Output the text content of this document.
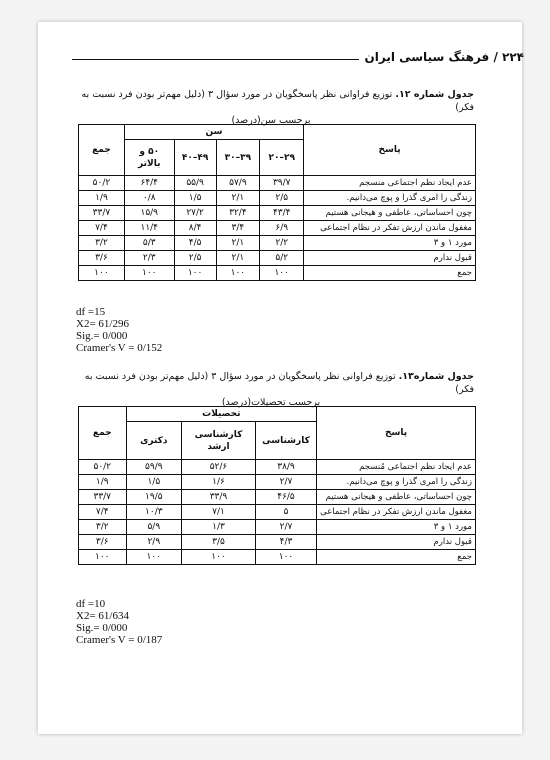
۲۲۴ / فرهنگ سیاسی ایران
جدول شماره ۱۲. توزیع فراوانی نظر پاسخگویان در مورد سؤال ۳ (دلیل مهم‌تر بودن فرد نسبت به فکر)
برحسب سن(درصد)
پاسخ	سن				جمع
	۲۹–۲۰	۳۹–۳۰	۴۹–۴۰	۵۰ و بالاتر	
عدم ایجاد نظم اجتماعی منسجم	۳۹/۷	۵۷/۹	۵۵/۹	۶۴/۴	۵۰/۲
زندگی را امری گذرا و پوچ می‌دانیم.	۲/۵	۲/۱	۱/۵	۰/۸	۱/۹
چون احساساتی، عاطفی و هیجانی هستیم	۴۳/۴	۳۲/۴	۲۷/۲	۱۵/۹	۳۳/۷
مغفول ماندن ارزش تفکر در نظام اجتماعی	۶/۹	۳/۴	۸/۴	۱۱/۴	۷/۴
مورد ۱ و ۳	۲/۲	۲/۱	۴/۵	۵/۳	۳/۲
قبول ندارم	۵/۲	۲/۱	۲/۵	۲/۳	۳/۶
جمع	۱۰۰	۱۰۰	۱۰۰	۱۰۰	۱۰۰
df =15
X2= 61/296
Sig.= 0/000
Cramer's V = 0/152
جدول شماره۱۳. توزیع فراوانی نظر پاسخگویان در مورد سؤال ۳ (دلیل مهم‌تر بودن فرد نسبت به فکر)
برحسب تحصیلات(درصد)
پاسخ	تحصیلات			جمع
	کارشناسی	کارشناسی ارشد	دکتری	
عدم ایجاد نظم اجتماعی مُنسجم	۳۸/۹	۵۲/۶	۵۹/۹	۵۰/۲
زندگی را امری گذرا و پوچ می‌دانیم.	۲/۷	۱/۶	۱/۵	۱/۹
چون احساساتی، عاطفی و هیجانی هستیم	۴۶/۵	۳۳/۹	۱۹/۵	۳۳/۷
مغفول ماندن ارزش تفکر در نظام اجتماعی	۵	۷/۱	۱۰/۳	۷/۴
مورد ۱ و ۳	۲/۷	۱/۳	۵/۹	۳/۲
قبول ندارم	۴/۳	۳/۵	۲/۹	۳/۶
جمع	۱۰۰	۱۰۰	۱۰۰	۱۰۰
df =10
X2= 61/634
Sig.= 0/000
Cramer's V = 0/187
